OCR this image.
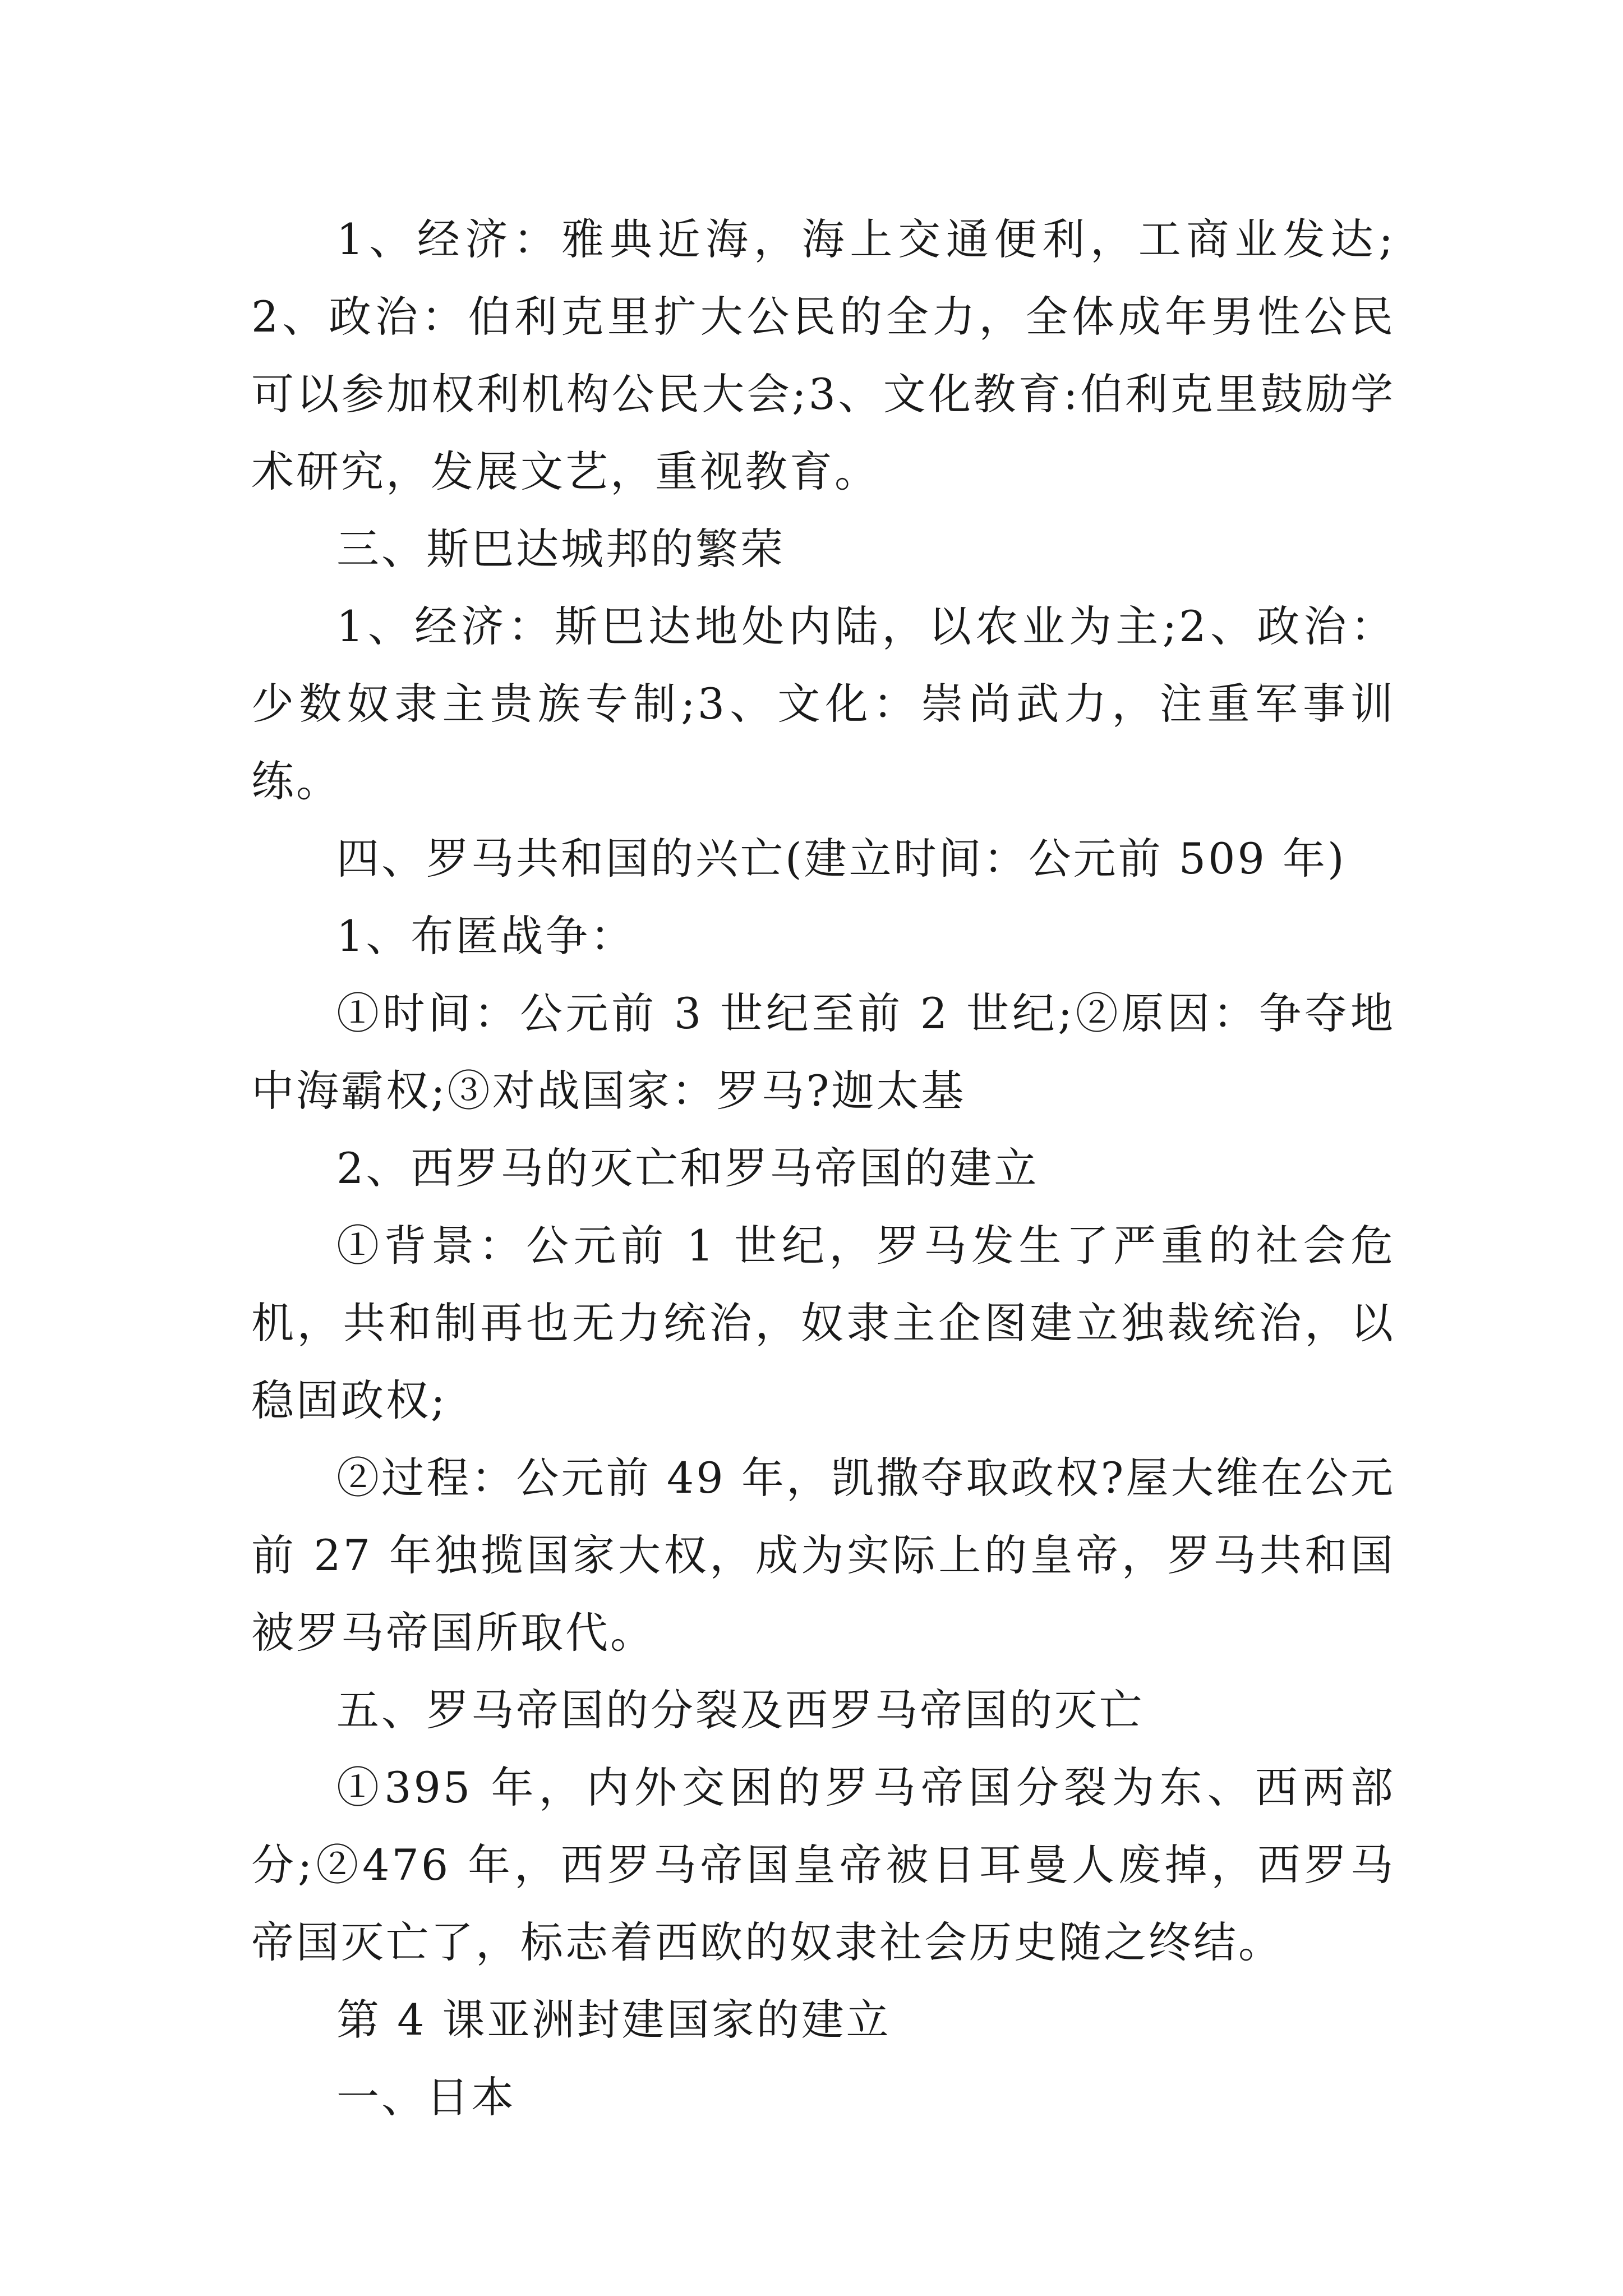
1、经济：雅典近海，海上交通便利，工商业发达;2、政治：伯利克里扩大公民的全力，全体成年男性公民可以参加权利机构公民大会;3、文化教育:伯利克里鼓励学术研究，发展文艺，重视教育。

三、斯巴达城邦的繁荣

1、经济：斯巴达地处内陆，以农业为主;2、政治：少数奴隶主贵族专制;3、文化：崇尚武力，注重军事训练。

四、罗马共和国的兴亡(建立时间：公元前 509 年)

1、布匿战争：

①时间：公元前 3 世纪至前 2 世纪;②原因：争夺地中海霸权;③对战国家：罗马?迦太基

2、西罗马的灭亡和罗马帝国的建立

①背景：公元前 1 世纪，罗马发生了严重的社会危机，共和制再也无力统治，奴隶主企图建立独裁统治，以稳固政权;

②过程：公元前 49 年，凯撒夺取政权?屋大维在公元前 27 年独揽国家大权，成为实际上的皇帝，罗马共和国被罗马帝国所取代。

五、罗马帝国的分裂及西罗马帝国的灭亡

①395 年，内外交困的罗马帝国分裂为东、西两部分;②476 年，西罗马帝国皇帝被日耳曼人废掉，西罗马帝国灭亡了，标志着西欧的奴隶社会历史随之终结。

第 4 课亚洲封建国家的建立

一、日本
